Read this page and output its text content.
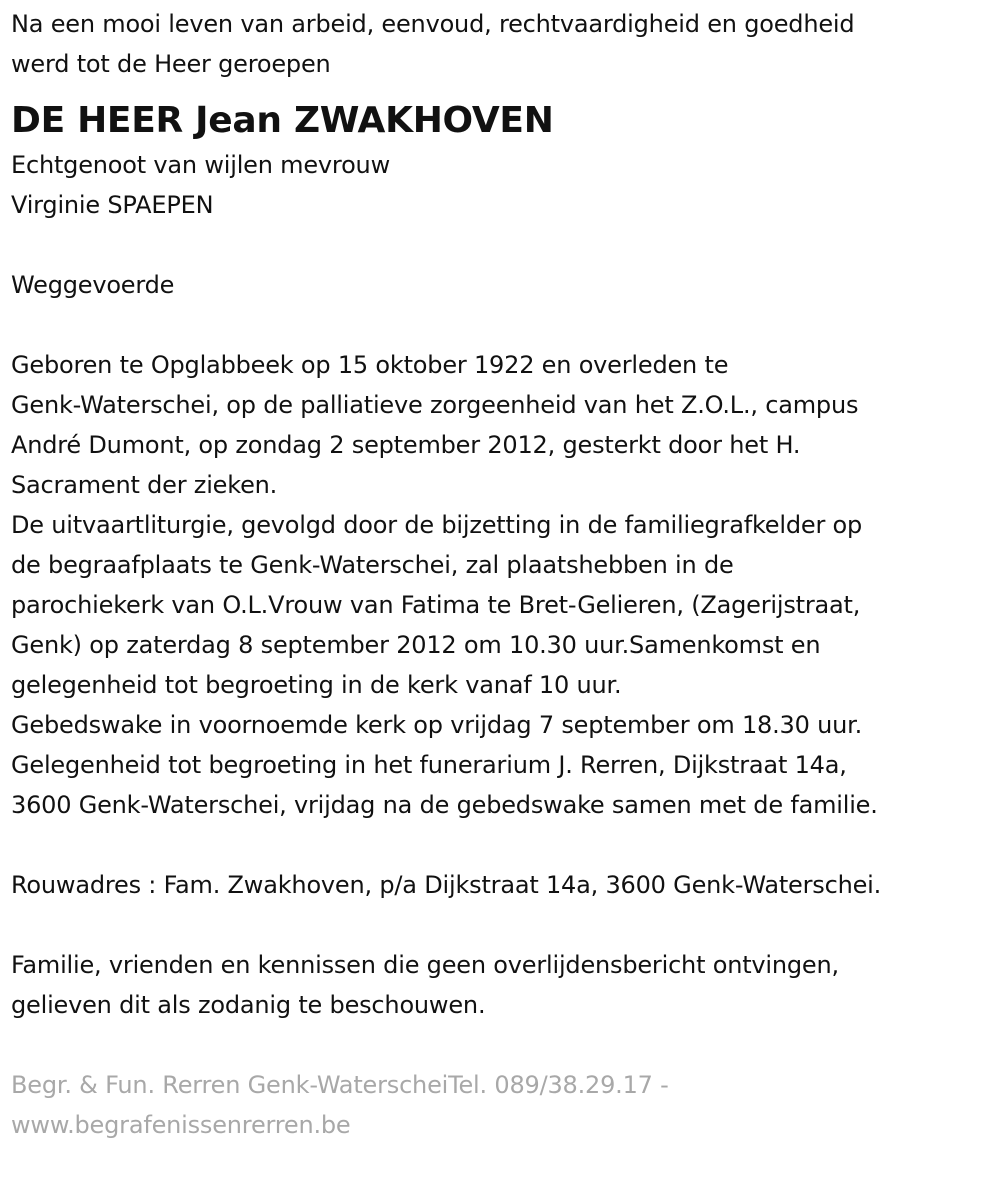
Na een mooi leven van arbeid, eenvoud, rechtvaardigheid en goedheid
werd tot de Heer geroepen
DE HEER Jean ZWAKHOVEN
Echtgenoot van wijlen mevrouw
Virginie SPAEPEN
Weggevoerde
Geboren te Opglabbeek op 15 oktober 1922 en overleden te
Genk-Waterschei, op de palliatieve zorgeenheid van het Z.O.L., campus
André Dumont, op zondag 2 september 2012, gesterkt door het H.
Sacrament der zieken.
De uitvaartliturgie, gevolgd door de bijzetting in de familiegrafkelder op
de begraafplaats te Genk-Waterschei, zal plaatshebben in de
parochiekerk van O.L.Vrouw van Fatima te Bret-Gelieren, (Zagerijstraat,
Genk) op zaterdag 8 september 2012 om 10.30 uur.Samenkomst en
gelegenheid tot begroeting in de kerk vanaf 10 uur.
Gebedswake in voornoemde kerk op vrijdag 7 september om 18.30 uur.
Gelegenheid tot begroeting in het funerarium J. Rerren, Dijkstraat 14a,
3600 Genk-Waterschei, vrijdag na de gebedswake samen met de familie.
Rouwadres : Fam. Zwakhoven, p/a Dijkstraat 14a, 3600 Genk-Waterschei.
Familie, vrienden en kennissen die geen overlijdensbericht ontvingen,
gelieven dit als zodanig te beschouwen.
Begr. & Fun. Rerren Genk-WaterscheiTel. 089/38.29.17 -
www.begrafenissenrerren.be
